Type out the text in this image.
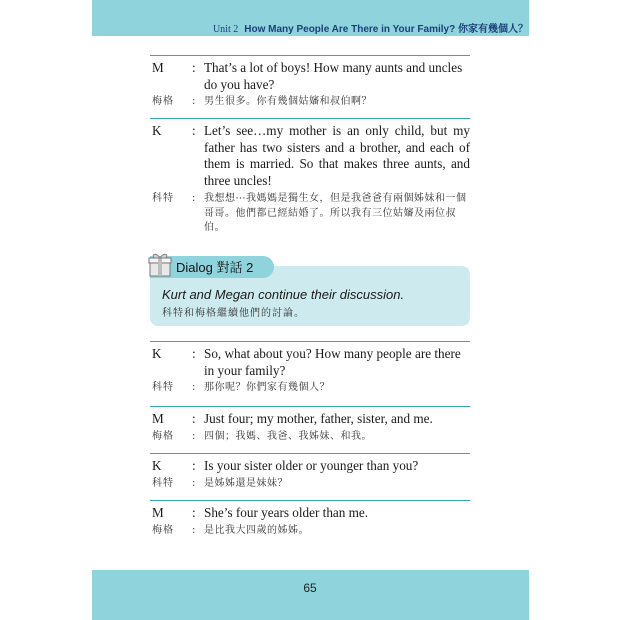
Unit 2 How Many People Are There in Your Family? 你家有幾個人？
M	: That’s a lot of boys! How many aunts and uncles do you have?
梅格	: 男生很多。你有幾個姑嬸和叔伯啊？
K	: Let’s see…my mother is an only child, but my father has two sisters and a brother, and each of them is married. So that makes three aunts, and three uncles!
科特	: 我想想⋯我媽媽是獨生女，但是我爸爸有兩個姊妹和一個哥哥。他們都已經結婚了。所以我有三位姑嬸及兩位叔伯。
Dialog 對話 2
Kurt and Megan continue their discussion.
科特和梅格繼續他們的討論。
K	: So, what about you? How many people are there in your family?
科特	: 那你呢？你們家有幾個人？
M	: Just four; my mother, father, sister, and me.
梅格	: 四個；我媽、我爸、我姊妹、和我。
K	: Is your sister older or younger than you?
科特	: 是姊姊還是妹妹？
M	: She’s four years older than me.
梅格	: 是比我大四歲的姊姊。
65
